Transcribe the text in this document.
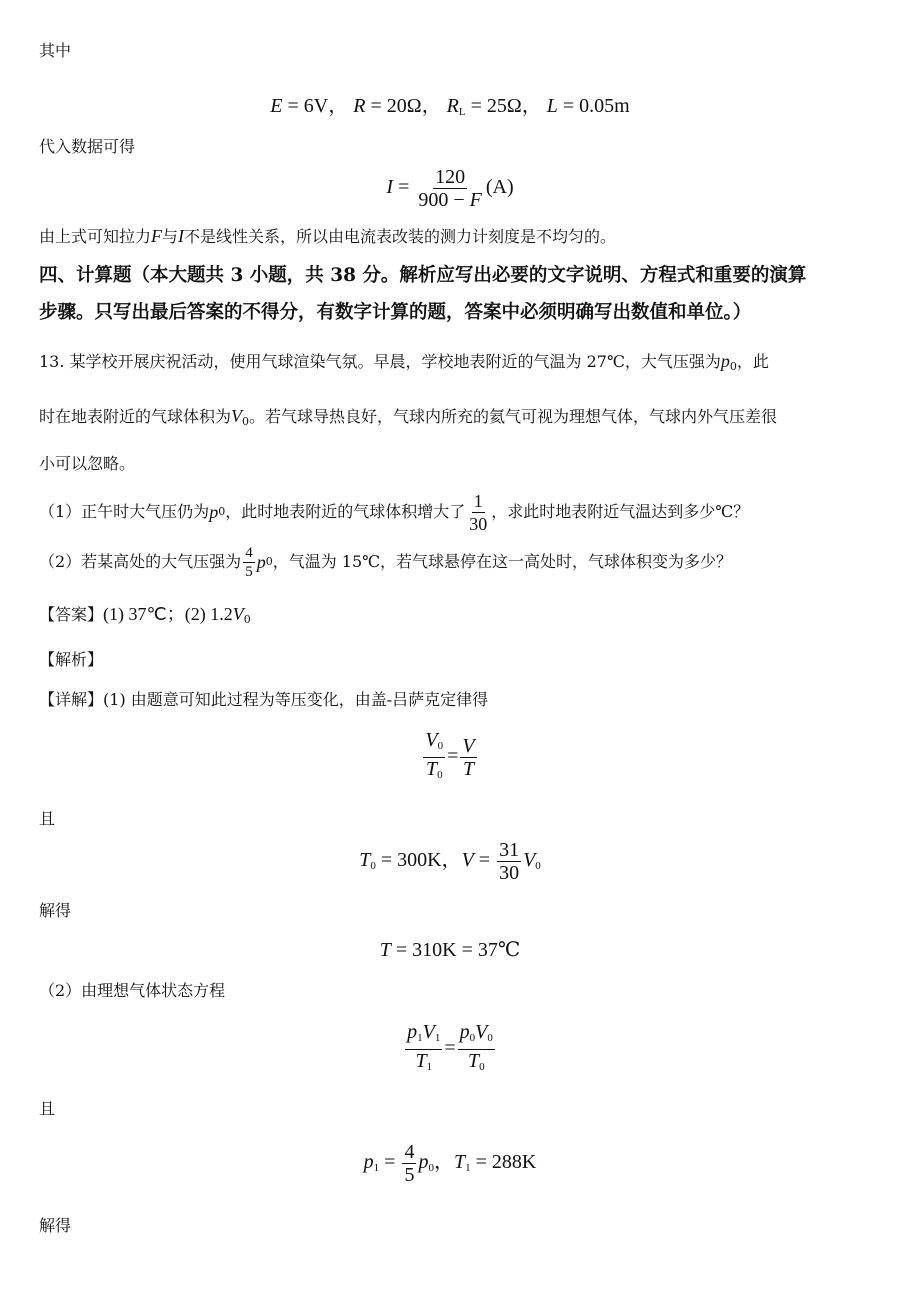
其中
E = 6V， R = 20Ω， $R_L = 25\Omega$， L = 0.05m
代入数据可得
$I = \frac{120}{900 - F} (A)$
由上式可知拉力F与I不是线性关系，所以由电流表改装的测力计刻度是不均匀的。
四、计算题（本大题共 3 小题，共 38 分。解析应写出必要的文字说明、方程式和重要的演算
步骤。只写出最后答案的不得分，有数字计算的题，答案中必须明确写出数值和单位。）
13. 某学校开展庆祝活动，使用气球渲染气氛。早晨，学校地表附近的气温为 27℃，大气压强为$p_0$，此
时在地表附近的气球体积为$V_0$。若气球导热良好，气球内所充的氦气可视为理想气体，气球内外气压差很
小可以忽略。
（1）正午时大气压仍为 p 0 ，此时地表附近的气球体积增大了 $\frac{1}{30}$ ，求此时地表附近气温达到多少℃？
（2）若某高处的大气压强为 $\frac{4}{5}$ p 0 ，气温为 15℃，若气球悬停在这一高处时，气球体积变为多少？
【答案】(1) 37℃；(2) $1.2V_0$
【解析】
【详解】(1) 由题意可知此过程为等压变化，由盖-吕萨克定律得
$\frac{V_0}{T_0} = \frac{V}{T}$
且
$T_0 = 300K$，$V = \frac{31}{30} V_0$
解得
T = 310K = 37℃
（2）由理想气体状态方程
$\frac{p_1V_1}{T_1} = \frac{p_0V_0}{T_0}$
且
$p_1 = \frac{4}{5} p_0$，$T_1 = 288K$
解得
